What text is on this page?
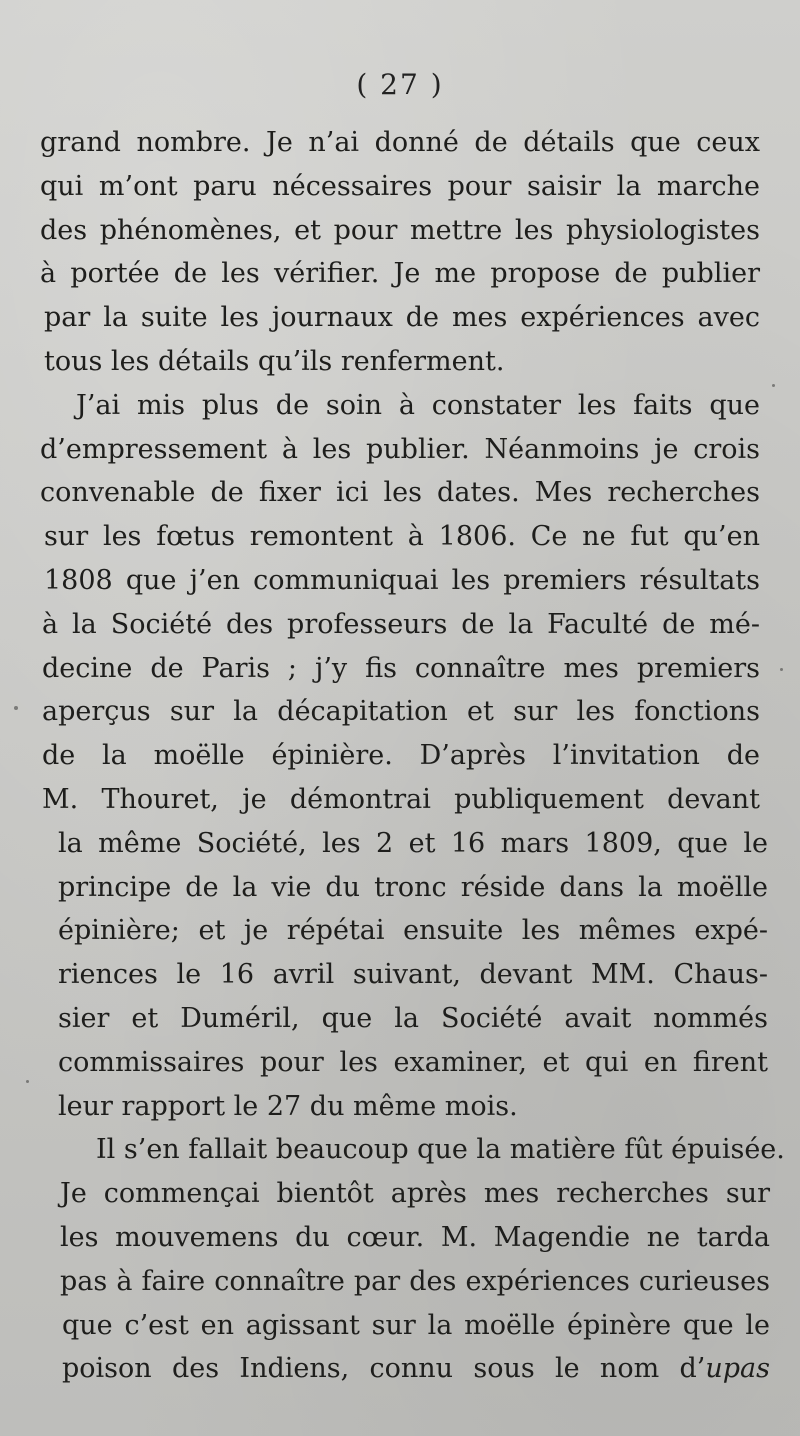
( 27 )
grand nombre. Je n’ai donné de détails que ceux
qui m’ont paru nécessaires pour saisir la marche
des phénomènes, et pour mettre les physiologistes
à portée de les vérifier. Je me propose de publier
par la suite les journaux de mes expériences avec
tous les détails qu’ils renferment.
J’ai mis plus de soin à constater les faits que
d’empressement à les publier. Néanmoins je crois
convenable de fixer ici les dates. Mes recherches
sur les fœtus remontent à 1806. Ce ne fut qu’en
1808 que j’en communiquai les premiers résultats
à la Société des professeurs de la Faculté de mé-
decine de Paris ; j’y fis connaître mes premiers
aperçus sur la décapitation et sur les fonctions
de la moëlle épinière. D’après l’invitation de
M. Thouret, je démontrai publiquement devant
la même Société, les 2 et 16 mars 1809, que le
principe de la vie du tronc réside dans la moëlle
épinière; et je répétai ensuite les mêmes expé-
riences le 16 avril suivant, devant MM. Chaus-
sier et Duméril, que la Société avait nommés
commissaires pour les examiner, et qui en firent
leur rapport le 27 du même mois.
Il s’en fallait beaucoup que la matière fût épuisée.
Je commençai bientôt après mes recherches sur
les mouvemens du cœur. M. Magendie ne tarda
pas à faire connaître par des expériences curieuses
que c’est en agissant sur la moëlle épinère que le
poison des Indiens, connu sous le nom d’upas
